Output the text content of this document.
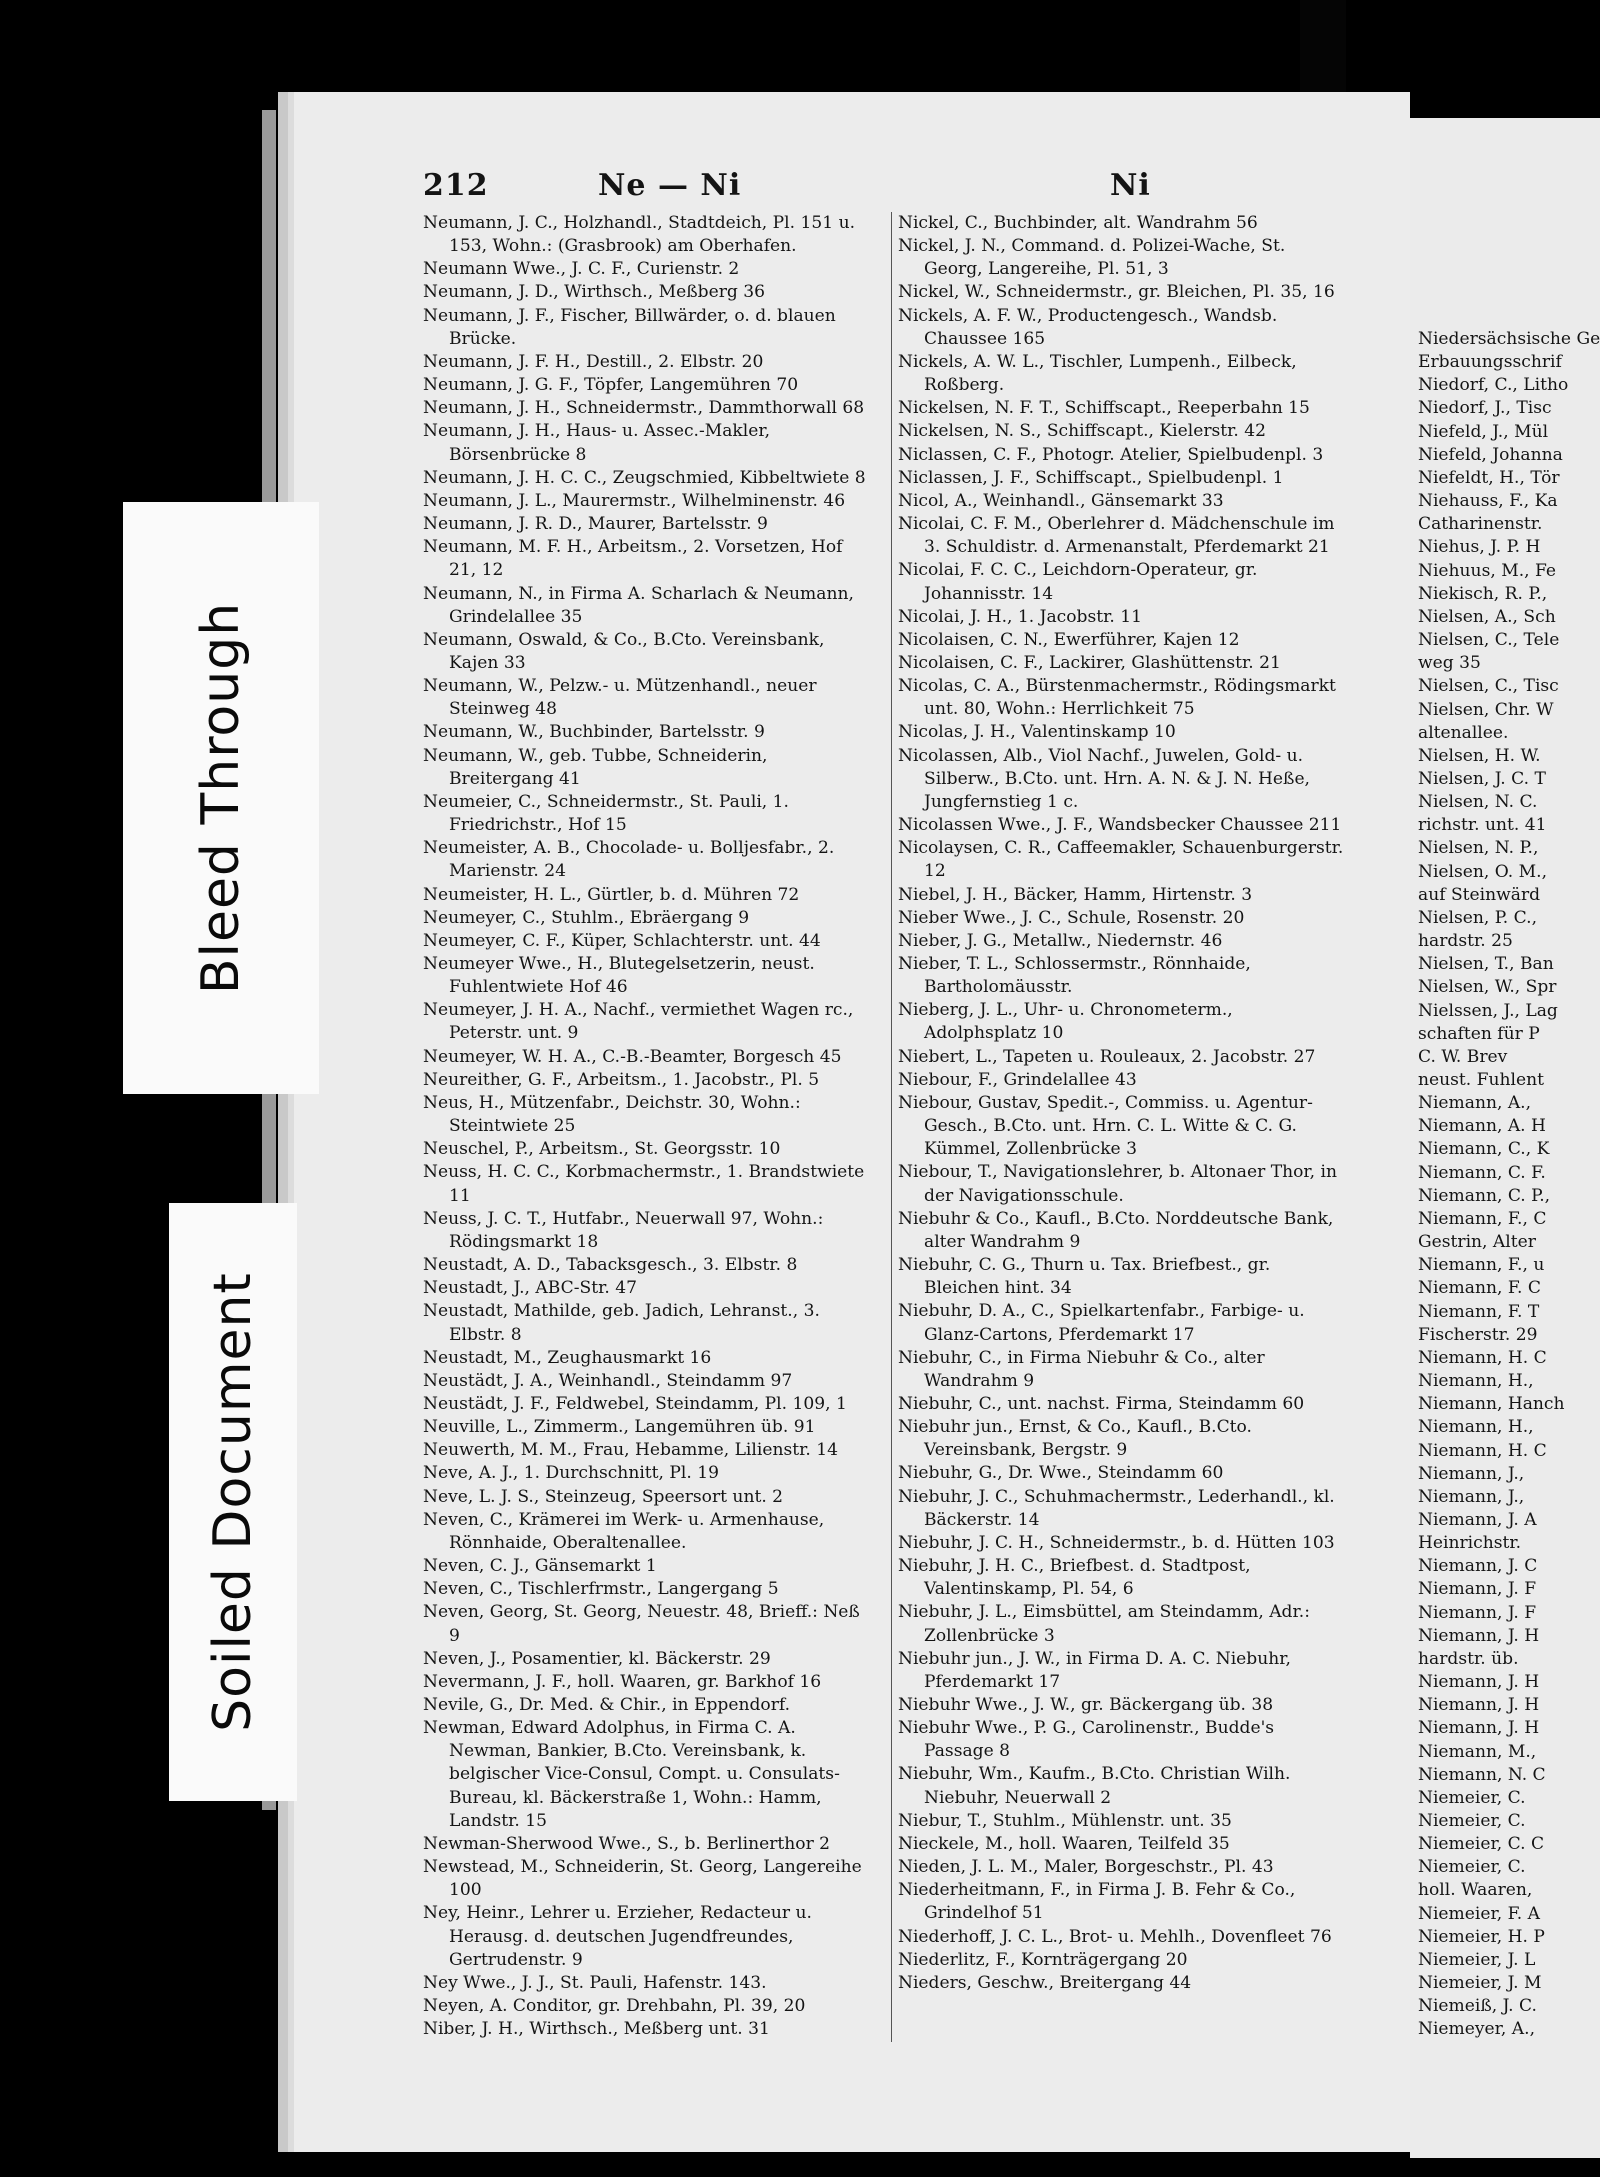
212	Ne — Ni	Ni
Neumann, J. C., Holzhandl., Stadtdeich, Pl. 151 u. 153, Wohn.: (Grasbrook) am Oberhafen.
Neumann Wwe., J. C. F., Curienstr. 2
Neumann, J. D., Wirthsch., Meßberg 36
Neumann, J. F., Fischer, Billwärder, o. d. blauen Brücke.
Neumann, J. F. H., Destill., 2. Elbstr. 20
Neumann, J. G. F., Töpfer, Langemühren 70
Neumann, J. H., Schneidermstr., Dammthorwall 68
Neumann, J. H., Haus- u. Assec.-Makler, Börsenbrücke 8
Neumann, J. H. C. C., Zeugschmied, Kibbeltwiete 8
Neumann, J. L., Maurermstr., Wilhelminenstr. 46
Neumann, J. R. D., Maurer, Bartelsstr. 9
Neumann, M. F. H., Arbeitsm., 2. Vorsetzen, Hof 21, 12
Neumann, N., in Firma A. Scharlach & Neumann, Grindelallee 35
Neumann, Oswald, & Co., B.Cto. Vereinsbank, Kajen 33
Neumann, W., Pelzw.- u. Mützenhandl., neuer Steinweg 48
Neumann, W., Buchbinder, Bartelsstr. 9
Neumann, W., geb. Tubbe, Schneiderin, Breitergang 41
Neumeier, C., Schneidermstr., St. Pauli, 1. Friedrichstr., Hof 15
Neumeister, A. B., Chocolade- u. Bolljesfabr., 2. Marienstr. 24
Neumeister, H. L., Gürtler, b. d. Mühren 72
Neumeyer, C., Stuhlm., Ebräergang 9
Neumeyer, C. F., Küper, Schlachterstr. unt. 44
Neumeyer Wwe., H., Blutegelsetzerin, neust. Fuhlentwiete Hof 46
Neumeyer, J. H. A., Nachf., vermiethet Wagen rc., Peterstr. unt. 9
Neumeyer, W. H. A., C.-B.-Beamter, Borgesch 45
Neureither, G. F., Arbeitsm., 1. Jacobstr., Pl. 5
Neus, H., Mützenfabr., Deichstr. 30, Wohn.: Steintwiete 25
Neuschel, P., Arbeitsm., St. Georgsstr. 10
Neuss, H. C. C., Korbmachermstr., 1. Brandstwiete 11
Neuss, J. C. T., Hutfabr., Neuerwall 97, Wohn.: Rödingsmarkt 18
Neustadt, A. D., Tabacksgesch., 3. Elbstr. 8
Neustadt, J., ABC-Str. 47
Neustadt, Mathilde, geb. Jadich, Lehranst., 3. Elbstr. 8
Neustadt, M., Zeughausmarkt 16
Neustädt, J. A., Weinhandl., Steindamm 97
Neustädt, J. F., Feldwebel, Steindamm, Pl. 109, 1
Neuville, L., Zimmerm., Langemühren üb. 91
Neuwerth, M. M., Frau, Hebamme, Lilienstr. 14
Neve, A. J., 1. Durchschnitt, Pl. 19
Neve, L. J. S., Steinzeug, Speersort unt. 2
Neven, C., Krämerei im Werk- u. Armenhause, Rönnhaide, Oberaltenallee.
Neven, C. J., Gänsemarkt 1
Neven, C., Tischlerfrmstr., Langergang 5
Neven, Georg, St. Georg, Neuestr. 48, Brieff.: Neß 9
Neven, J., Posamentier, kl. Bäckerstr. 29
Nevermann, J. F., holl. Waaren, gr. Barkhof 16
Nevile, G., Dr. Med. & Chir., in Eppendorf.
Newman, Edward Adolphus, in Firma C. A. Newman, Bankier, B.Cto. Vereinsbank, k. belgischer Vice-Consul, Compt. u. Consulats-Bureau, kl. Bäckerstraße 1, Wohn.: Hamm, Landstr. 15
Newman-Sherwood Wwe., S., b. Berlinerthor 2
Newstead, M., Schneiderin, St. Georg, Langereihe 100
Ney, Heinr., Lehrer u. Erzieher, Redacteur u. Herausg. d. deutschen Jugendfreundes, Gertrudenstr. 9
Ney Wwe., J. J., St. Pauli, Hafenstr. 143.
Neyen, A. Conditor, gr. Drehbahn, Pl. 39, 20
Niber, J. H., Wirthsch., Meßberg unt. 31
Nickel, C., Buchbinder, alt. Wandrahm 56
Nickel, J. N., Command. d. Polizei-Wache, St. Georg, Langereihe, Pl. 51, 3
Nickel, W., Schneidermstr., gr. Bleichen, Pl. 35, 16
Nickels, A. F. W., Productengesch., Wandsb. Chaussee 165
Nickels, A. W. L., Tischler, Lumpenh., Eilbeck, Roßberg.
Nickelsen, N. F. T., Schiffscapt., Reeperbahn 15
Nickelsen, N. S., Schiffscapt., Kielerstr. 42
Niclassen, C. F., Photogr. Atelier, Spielbudenpl. 3
Niclassen, J. F., Schiffscapt., Spielbudenpl. 1
Nicol, A., Weinhandl., Gänsemarkt 33
Nicolai, C. F. M., Oberlehrer d. Mädchenschule im 3. Schuldistr. d. Armenanstalt, Pferdemarkt 21
Nicolai, F. C. C., Leichdorn-Operateur, gr. Johannisstr. 14
Nicolai, J. H., 1. Jacobstr. 11
Nicolaisen, C. N., Ewerführer, Kajen 12
Nicolaisen, C. F., Lackirer, Glashüttenstr. 21
Nicolas, C. A., Bürstenmachermstr., Rödingsmarkt unt. 80, Wohn.: Herrlichkeit 75
Nicolas, J. H., Valentinskamp 10
Nicolassen, Alb., Viol Nachf., Juwelen, Gold- u. Silberw., B.Cto. unt. Hrn. A. N. & J. N. Heße, Jungfernstieg 1 c.
Nicolassen Wwe., J. F., Wandsbecker Chaussee 211
Nicolaysen, C. R., Caffeemakler, Schauenburgerstr. 12
Niebel, J. H., Bäcker, Hamm, Hirtenstr. 3
Nieber Wwe., J. C., Schule, Rosenstr. 20
Nieber, J. G., Metallw., Niedernstr. 46
Nieber, T. L., Schlossermstr., Rönnhaide, Bartholomäusstr.
Nieberg, J. L., Uhr- u. Chronometerm., Adolphsplatz 10
Niebert, L., Tapeten u. Rouleaux, 2. Jacobstr. 27
Niebour, F., Grindelallee 43
Niebour, Gustav, Spedit.-, Commiss. u. Agentur-Gesch., B.Cto. unt. Hrn. C. L. Witte & C. G. Kümmel, Zollenbrücke 3
Niebour, T., Navigationslehrer, b. Altonaer Thor, in der Navigationsschule.
Niebuhr & Co., Kaufl., B.Cto. Norddeutsche Bank, alter Wandrahm 9
Niebuhr, C. G., Thurn u. Tax. Briefbest., gr. Bleichen hint. 34
Niebuhr, D. A., C., Spielkartenfabr., Farbige- u. Glanz-Cartons, Pferdemarkt 17
Niebuhr, C., in Firma Niebuhr & Co., alter Wandrahm 9
Niebuhr, C., unt. nachst. Firma, Steindamm 60
Niebuhr jun., Ernst, & Co., Kaufl., B.Cto. Vereinsbank, Bergstr. 9
Niebuhr, G., Dr. Wwe., Steindamm 60
Niebuhr, J. C., Schuhmachermstr., Lederhandl., kl. Bäckerstr. 14
Niebuhr, J. C. H., Schneidermstr., b. d. Hütten 103
Niebuhr, J. H. C., Briefbest. d. Stadtpost, Valentinskamp, Pl. 54, 6
Niebuhr, J. L., Eimsbüttel, am Steindamm, Adr.: Zollenbrücke 3
Niebuhr jun., J. W., in Firma D. A. C. Niebuhr, Pferdemarkt 17
Niebuhr Wwe., J. W., gr. Bäckergang üb. 38
Niebuhr Wwe., P. G., Carolinenstr., Budde's Passage 8
Niebuhr, Wm., Kaufm., B.Cto. Christian Wilh. Niebuhr, Neuerwall 2
Niebur, T., Stuhlm., Mühlenstr. unt. 35
Nieckele, M., holl. Waaren, Teilfeld 35
Nieden, J. L. M., Maler, Borgeschstr., Pl. 43
Niederheitmann, F., in Firma J. B. Fehr & Co., Grindelhof 51
Niederhoff, J. C. L., Brot- u. Mehlh., Dovenfleet 76
Niederlitz, F., Kornträgergang 20
Nieders, Geschw., Breitergang 44
Niedersächsische Ge
Erbauungsschrif
Niedorf, C., Litho
Niedorf, J., Tisc
Niefeld, J., Mül
Niefeld, Johanna
Niefeldt, H., Tör
Niehauss, F., Ka
Catharinenstr.
Niehus, J. P. H
Niehuus, M., Fe
Niekisch, R. P.,
Nielsen, A., Sch
Nielsen, C., Tele
weg 35
Nielsen, C., Tisc
Nielsen, Chr. W
altenallee.
Nielsen, H. W.
Nielsen, J. C. T
Nielsen, N. C.
richstr. unt. 41
Nielsen, N. P.,
Nielsen, O. M.,
auf Steinwärd
Nielsen, P. C.,
hardstr. 25
Nielsen, T., Ban
Nielsen, W., Spr
Nielssen, J., Lag
schaften für P
C. W. Brev
neust. Fuhlent
Niemann, A.,
Niemann, A. H
Niemann, C., K
Niemann, C. F.
Niemann, C. P.,
Niemann, F., C
Gestrin, Alter
Niemann, F., u
Niemann, F. C
Niemann, F. T
Fischerstr. 29
Niemann, H. C
Niemann, H.,
Niemann, Hanch
Niemann, H.,
Niemann, H. C
Niemann, J.,
Niemann, J.,
Niemann, J. A
Heinrichstr.
Niemann, J. C
Niemann, J. F
Niemann, J. F
Niemann, J. H
hardstr. üb.
Niemann, J. H
Niemann, J. H
Niemann, J. H
Niemann, M.,
Niemann, N. C
Niemeier, C.
Niemeier, C.
Niemeier, C. C
Niemeier, C.
holl. Waaren,
Niemeier, F. A
Niemeier, H. P
Niemeier, J. L
Niemeier, J. M
Niemeiß, J. C.
Niemeyer, A.,
Bleed Through
Soiled Document
